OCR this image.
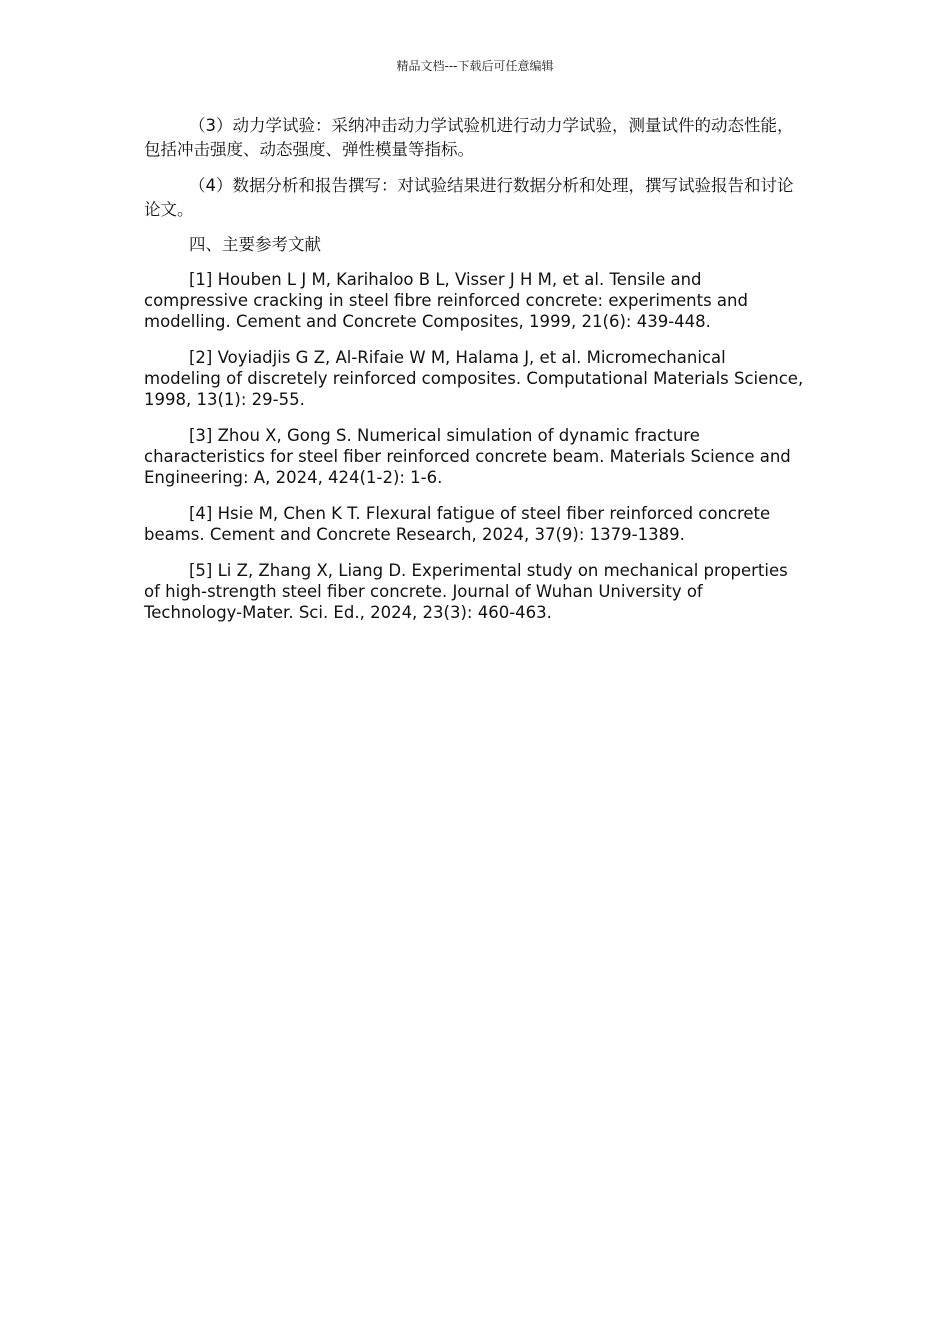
精品文档---下载后可任意编辑

（3）动力学试验：采纳冲击动力学试验机进行动力学试验，测量试件的动态性能，包括冲击强度、动态强度、弹性模量等指标。

（4）数据分析和报告撰写：对试验结果进行数据分析和处理，撰写试验报告和讨论论文。

四、主要参考文献

[1] Houben L J M, Karihaloo B L, Visser J H M, et al. Tensile and compressive cracking in steel fibre reinforced concrete: experiments and modelling. Cement and Concrete Composites, 1999, 21(6): 439-448.

[2] Voyiadjis G Z, Al-Rifaie W M, Halama J, et al. Micromechanical modeling of discretely reinforced composites. Computational Materials Science, 1998, 13(1): 29-55.

[3] Zhou X, Gong S. Numerical simulation of dynamic fracture characteristics for steel fiber reinforced concrete beam. Materials Science and Engineering: A, 2024, 424(1-2): 1-6.

[4] Hsie M, Chen K T. Flexural fatigue of steel fiber reinforced concrete beams. Cement and Concrete Research, 2024, 37(9): 1379-1389.

[5] Li Z, Zhang X, Liang D. Experimental study on mechanical properties of high-strength steel fiber concrete. Journal of Wuhan University of Technology-Mater. Sci. Ed., 2024, 23(3): 460-463.
